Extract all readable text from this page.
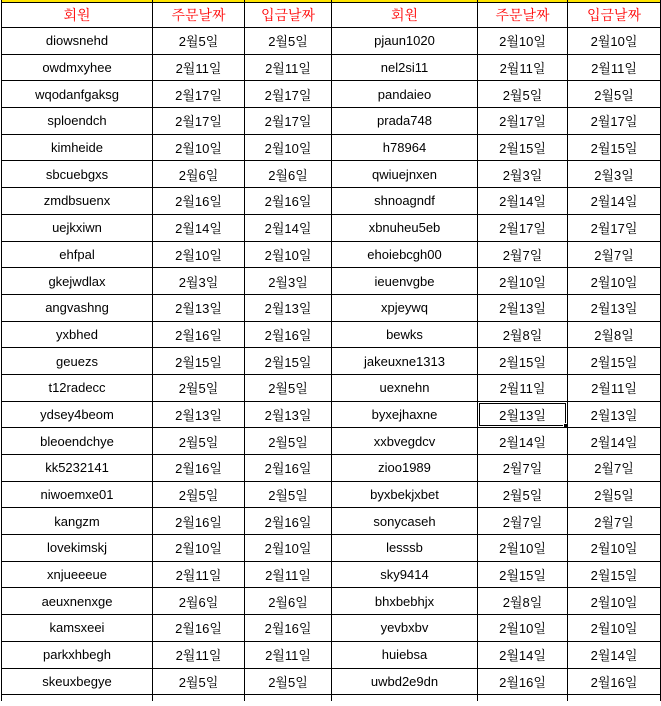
회원	주문날짜	입금날짜	회원	주문날짜	입금날짜
diowsnehd	2월5일	2월5일	pjaun1020	2월10일	2월10일
owdmxyhee	2월11일	2월11일	nel2si11	2월11일	2월11일
wqodanfgaksg	2월17일	2월17일	pandaieo	2월5일	2월5일
sploendch	2월17일	2월17일	prada748	2월17일	2월17일
kimheide	2월10일	2월10일	h78964	2월15일	2월15일
sbcuebgxs	2월6일	2월6일	qwiuejnxen	2월3일	2월3일
zmdbsuenx	2월16일	2월16일	shnoagndf	2월14일	2월14일
uejkxiwn	2월14일	2월14일	xbnuheu5eb	2월17일	2월17일
ehfpal	2월10일	2월10일	ehoiebcgh00	2월7일	2월7일
gkejwdlax	2월3일	2월3일	ieuenvgbe	2월10일	2월10일
angvashng	2월13일	2월13일	xpjeywq	2월13일	2월13일
yxbhed	2월16일	2월16일	bewks	2월8일	2월8일
geuezs	2월15일	2월15일	jakeuxne1313	2월15일	2월15일
t12radecc	2월5일	2월5일	uexnehn	2월11일	2월11일
ydsey4beom	2월13일	2월13일	byxejhaxne	2월13일	2월13일
bleoendchye	2월5일	2월5일	xxbvegdcv	2월14일	2월14일
kk5232141	2월16일	2월16일	zioo1989	2월7일	2월7일
niwoemxe01	2월5일	2월5일	byxbekjxbet	2월5일	2월5일
kangzm	2월16일	2월16일	sonycaseh	2월7일	2월7일
lovekimskj	2월10일	2월10일	lesssb	2월10일	2월10일
xnjueeeue	2월11일	2월11일	sky9414	2월15일	2월15일
aeuxnenxge	2월6일	2월6일	bhxbebhjx	2월8일	2월10일
kamsxeei	2월16일	2월16일	yevbxbv	2월10일	2월10일
parkxhbegh	2월11일	2월11일	huiebsa	2월14일	2월14일
skeuxbegye	2월5일	2월5일	uwbd2e9dn	2월16일	2월16일
